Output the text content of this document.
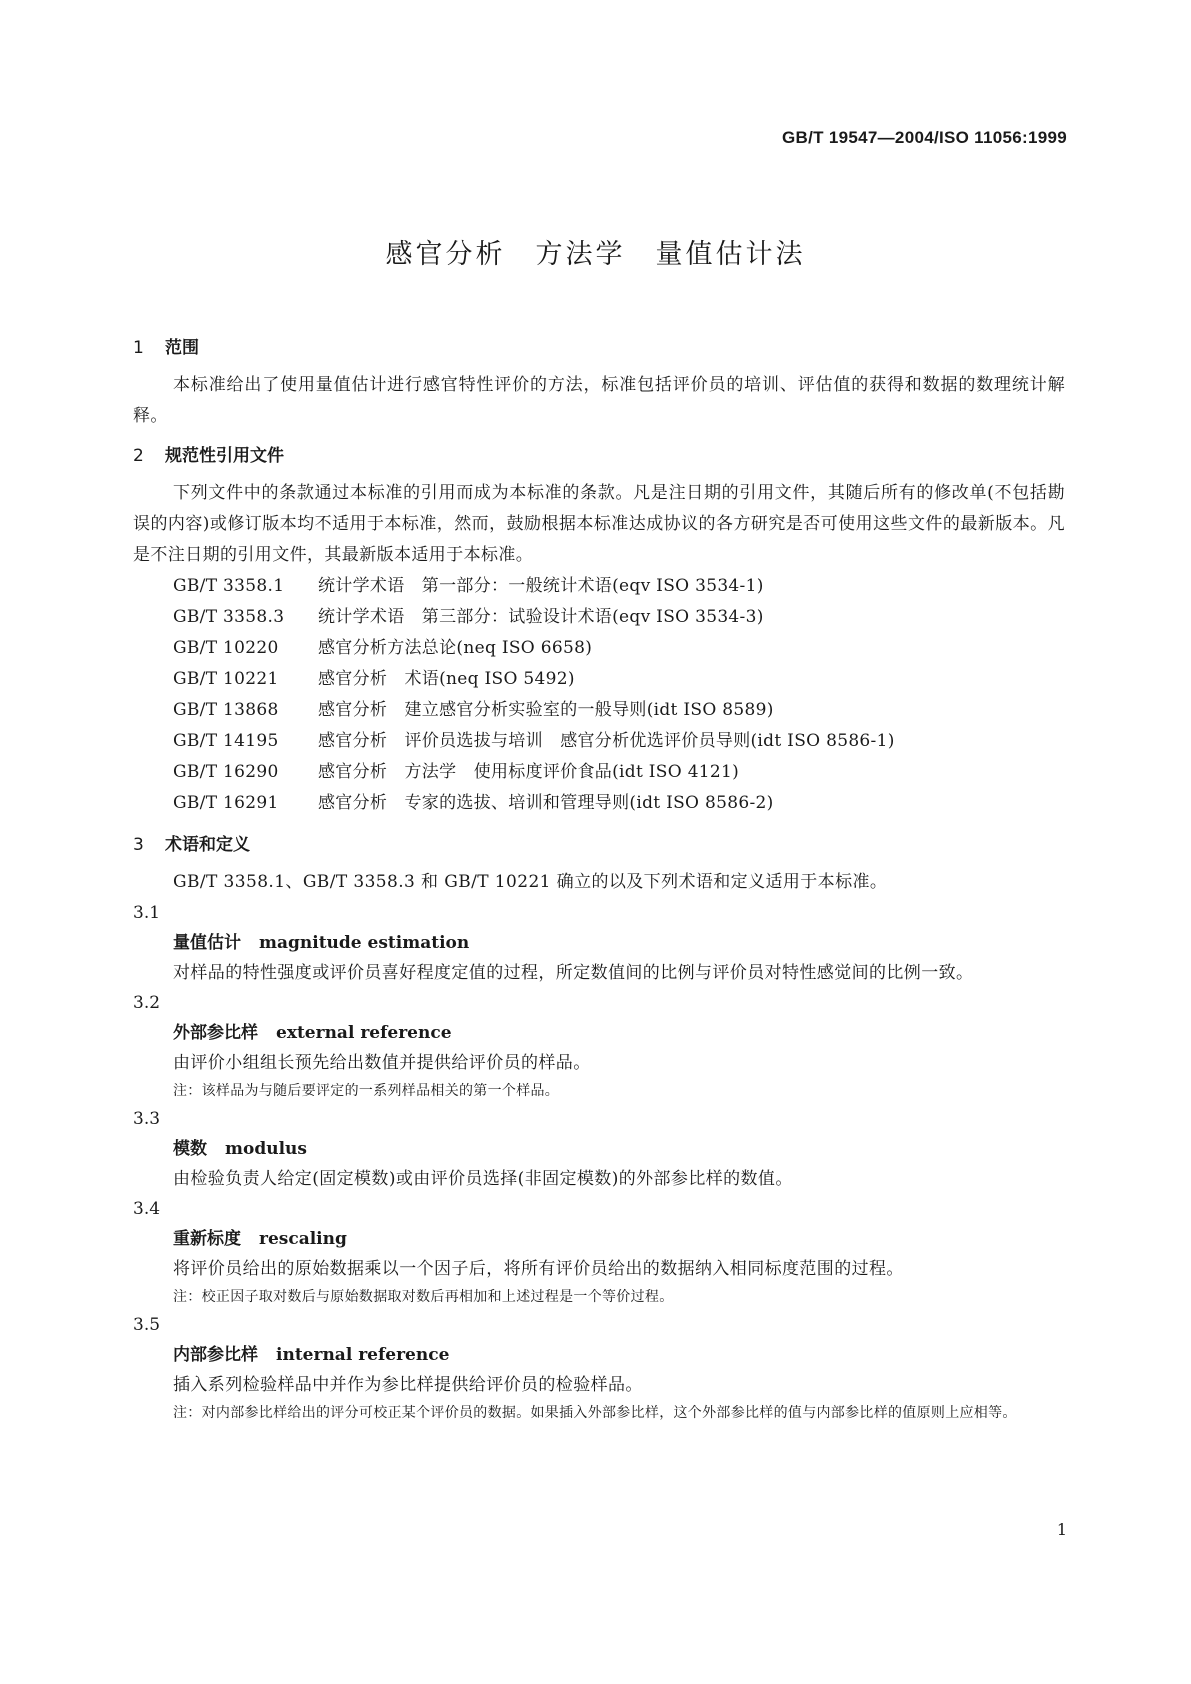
GB/T 19547—2004/ISO 11056:1999
感官分析　方法学　量值估计法
1 范围

本标准给出了使用量值估计进行感官特性评价的方法，标准包括评价员的培训、评估值的获得和数据的数理统计解释。

2 规范性引用文件

下列文件中的条款通过本标准的引用而成为本标准的条款。凡是注日期的引用文件，其随后所有的修改单(不包括勘误的内容)或修订版本均不适用于本标准，然而，鼓励根据本标准达成协议的各方研究是否可使用这些文件的最新版本。凡是不注日期的引用文件，其最新版本适用于本标准。

GB/T 3358.1 统计学术语　第一部分：一般统计术语(eqv ISO 3534-1)
GB/T 3358.3 统计学术语　第三部分：试验设计术语(eqv ISO 3534-3)
GB/T 10220 感官分析方法总论(neq ISO 6658)
GB/T 10221 感官分析　术语(neq ISO 5492)
GB/T 13868 感官分析　建立感官分析实验室的一般导则(idt ISO 8589)
GB/T 14195 感官分析　评价员选拔与培训　感官分析优选评价员导则(idt ISO 8586-1)
GB/T 16290 感官分析　方法学　使用标度评价食品(idt ISO 4121)
GB/T 16291 感官分析　专家的选拔、培训和管理导则(idt ISO 8586-2)
3 术语和定义

GB/T 3358.1、GB/T 3358.3 和 GB/T 10221 确立的以及下列术语和定义适用于本标准。

3.1

量值估计 magnitude estimation

对样品的特性强度或评价员喜好程度定值的过程，所定数值间的比例与评价员对特性感觉间的比例一致。

3.2

外部参比样 external reference

由评价小组组长预先给出数值并提供给评价员的样品。

注：该样品为与随后要评定的一系列样品相关的第一个样品。

3.3

模数 modulus

由检验负责人给定(固定模数)或由评价员选择(非固定模数)的外部参比样的数值。

3.4

重新标度 rescaling

将评价员给出的原始数据乘以一个因子后，将所有评价员给出的数据纳入相同标度范围的过程。

注：校正因子取对数后与原始数据取对数后再相加和上述过程是一个等价过程。

3.5

内部参比样 internal reference

插入系列检验样品中并作为参比样提供给评价员的检验样品。

注：对内部参比样给出的评分可校正某个评价员的数据。如果插入外部参比样，这个外部参比样的值与内部参比样的值原则上应相等。

1
